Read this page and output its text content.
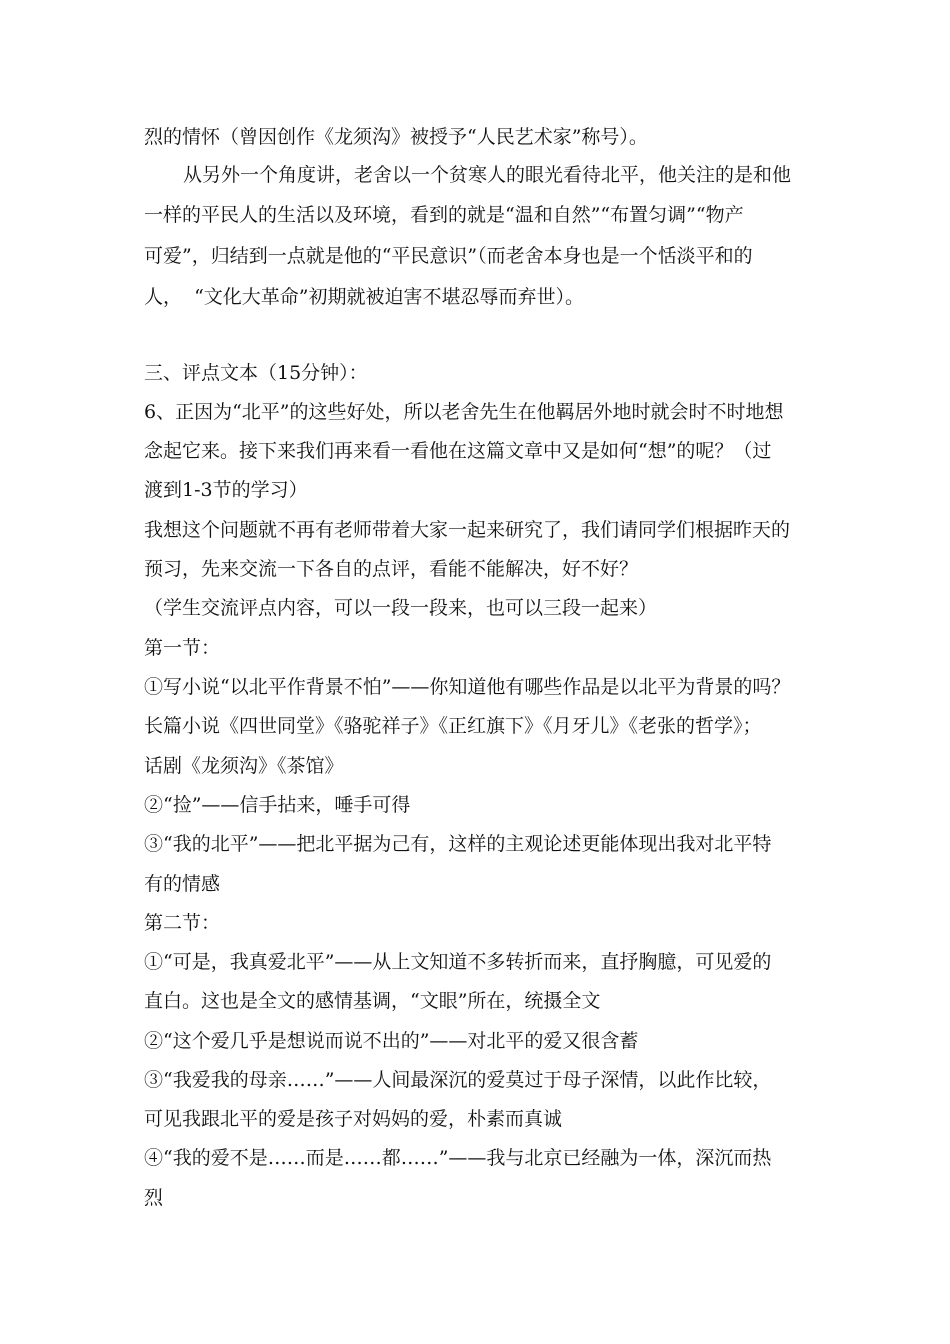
烈的情怀（曾因创作《龙须沟》被授予“人民艺术家”称号）。

从另外一个角度讲，老舍以一个贫寒人的眼光看待北平，他关注的是和他

一样的平民人的生活以及环境，看到的就是“温和自然”“布置匀调”“物产

可爱”，归结到一点就是他的“平民意识”（而老舍本身也是一个恬淡平和的

人，  “文化大革命”初期就被迫害不堪忍辱而弃世）。

三、评点文本（15分钟）：

6、正因为“北平”的这些好处，所以老舍先生在他羁居外地时就会时不时地想

念起它来。接下来我们再来看一看他在这篇文章中又是如何“想”的呢？（过

渡到1-3节的学习）

我想这个问题就不再有老师带着大家一起来研究了，我们请同学们根据昨天的

预习，先来交流一下各自的点评，看能不能解决，好不好？

（学生交流评点内容，可以一段一段来，也可以三段一起来）

第一节：

①写小说“以北平作背景不怕”——你知道他有哪些作品是以北平为背景的吗？

长篇小说《四世同堂》《骆驼祥子》《正红旗下》《月牙儿》《老张的哲学》；

话剧《龙须沟》《茶馆》

②“捡”——信手拈来，唾手可得

③“我的北平”——把北平据为己有，这样的主观论述更能体现出我对北平特

有的情感

第二节：

①“可是，我真爱北平”——从上文知道不多转折而来，直抒胸臆，可见爱的

直白。这也是全文的感情基调，“文眼”所在，统摄全文

②“这个爱几乎是想说而说不出的”——对北平的爱又很含蓄

③“我爱我的母亲……”——人间最深沉的爱莫过于母子深情，以此作比较，

可见我跟北平的爱是孩子对妈妈的爱，朴素而真诚

④“我的爱不是……而是……都……”——我与北京已经融为一体，深沉而热

烈
